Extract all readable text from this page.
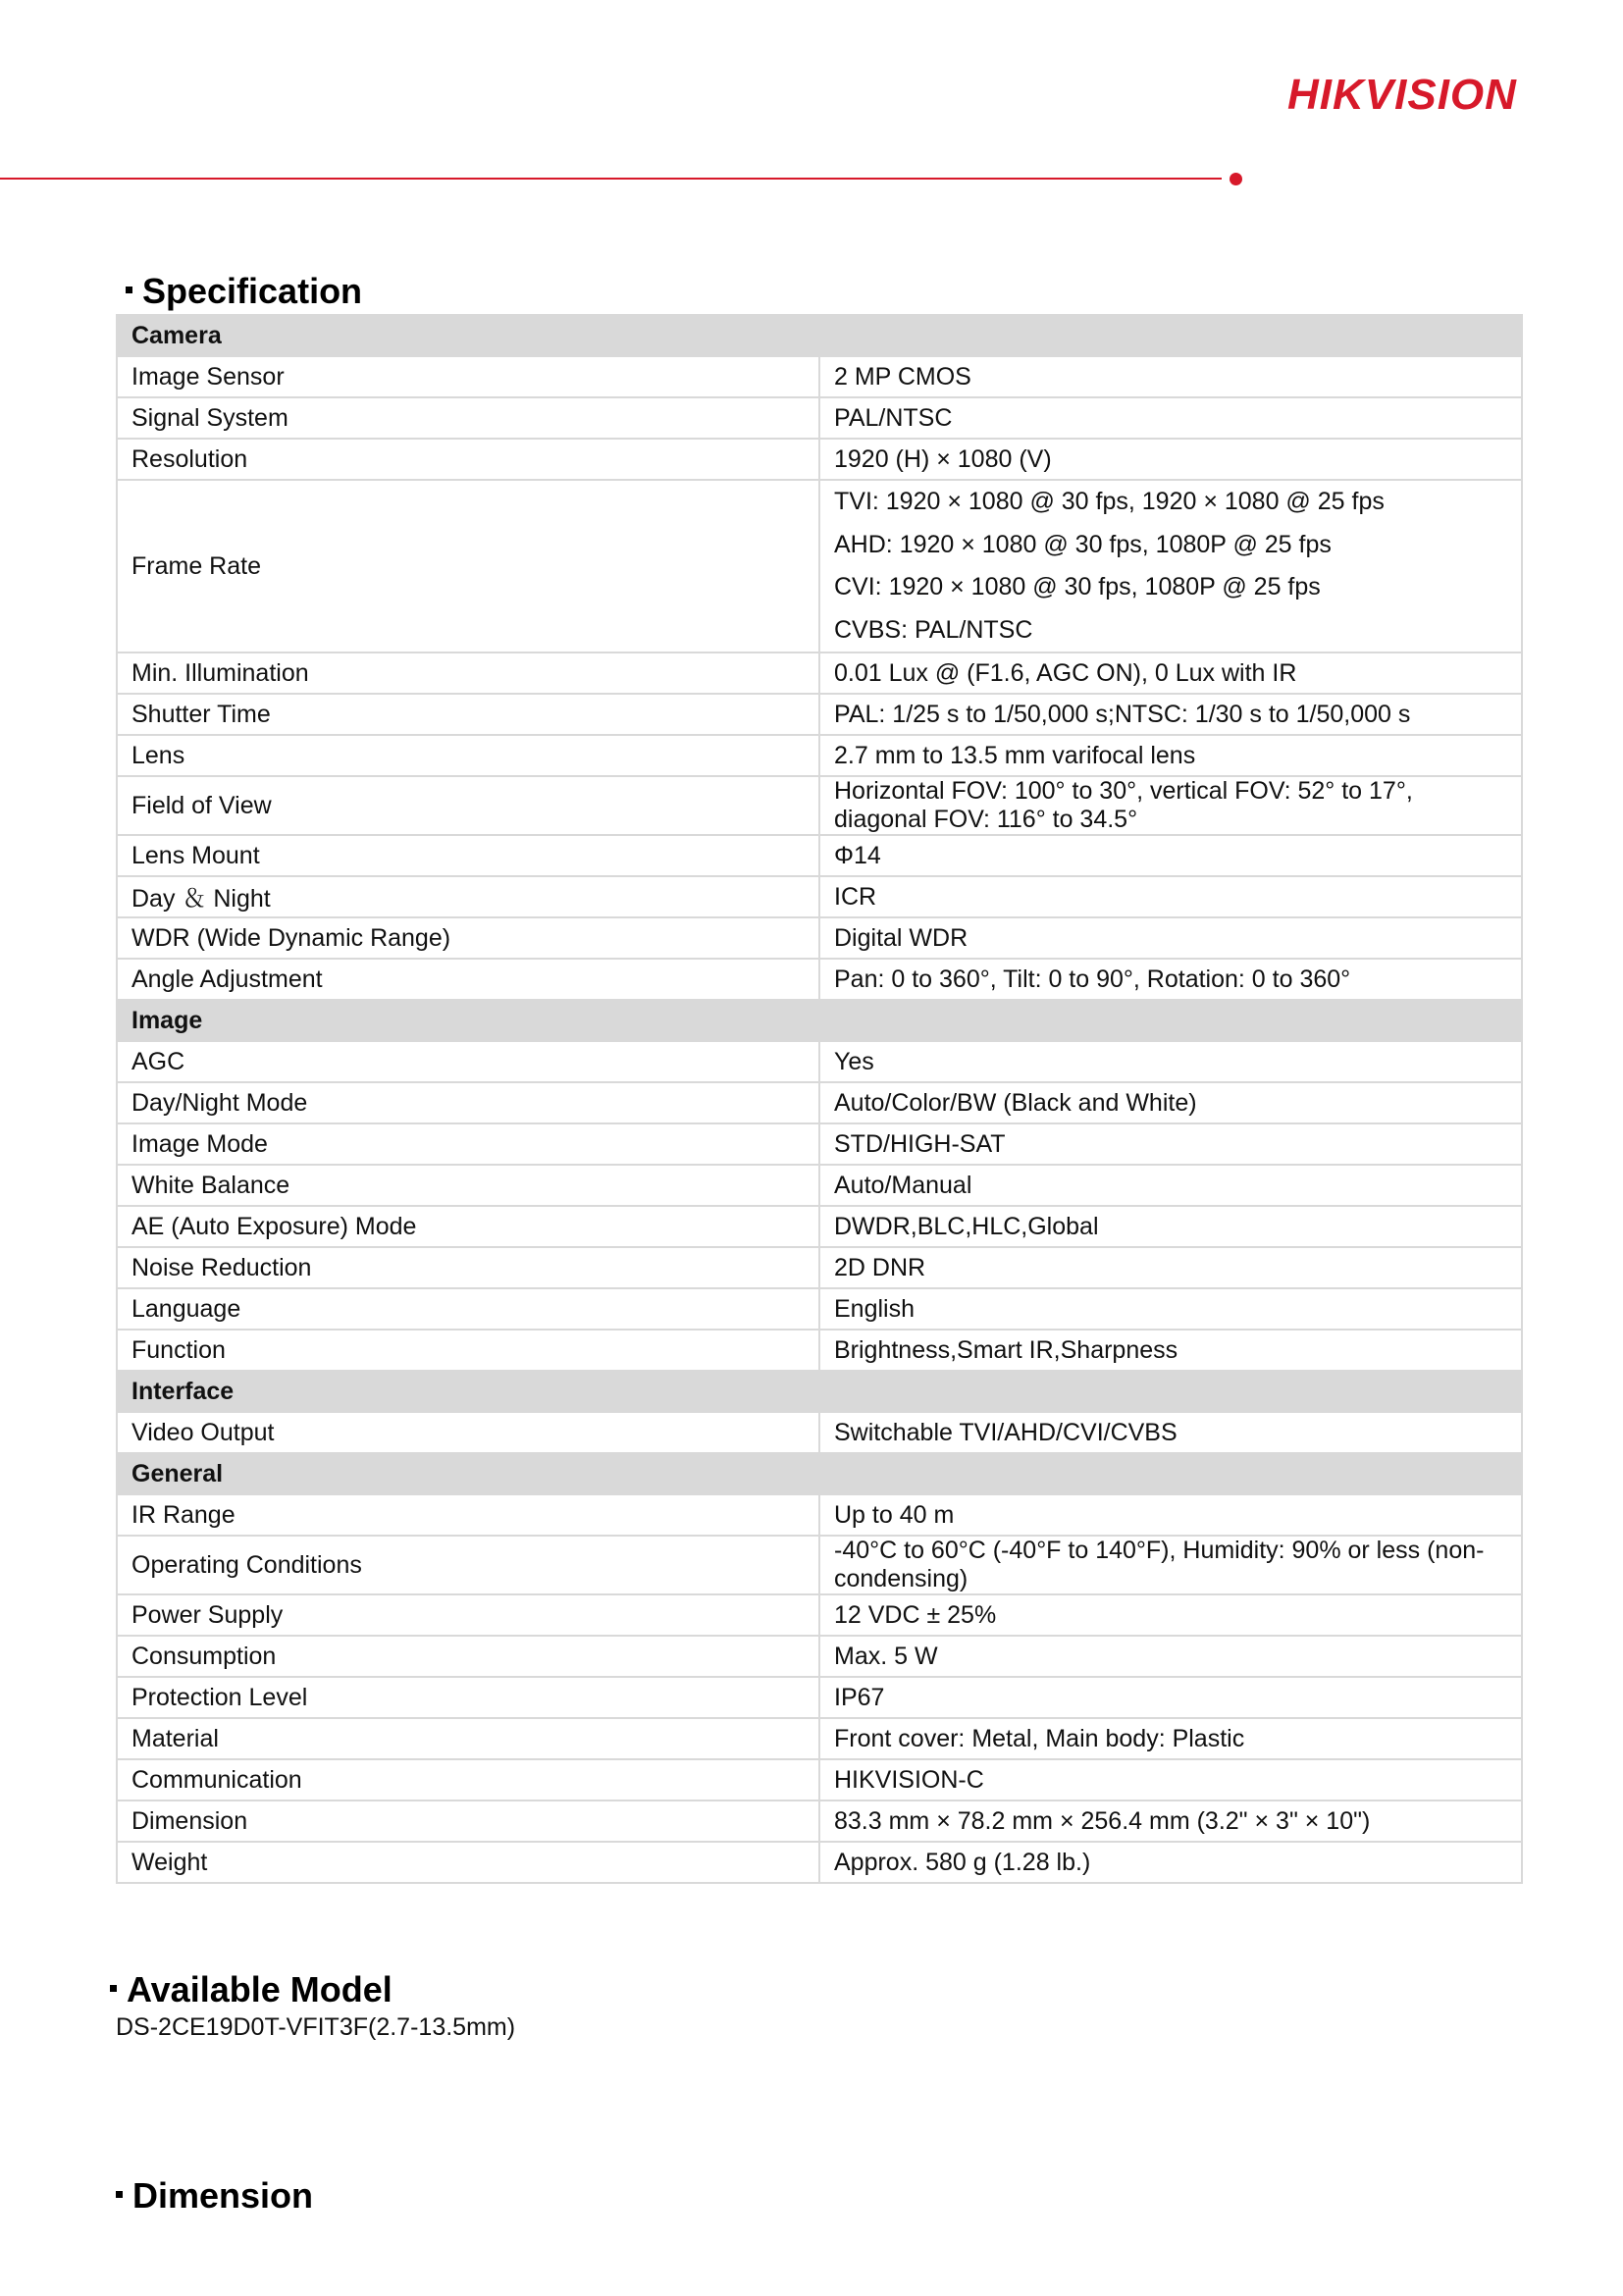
HIKVISION
Specification
Camera	
Image Sensor	2 MP CMOS
Signal System	PAL/NTSC
Resolution	1920 (H) × 1080 (V)
Frame Rate	TVI: 1920 × 1080 @ 30 fps, 1920 × 1080 @ 25 fps
AHD: 1920 × 1080 @ 30 fps, 1080P @ 25 fps
CVI: 1920 × 1080 @ 30 fps, 1080P @ 25 fps
CVBS: PAL/NTSC

Min. Illumination	0.01 Lux @ (F1.6, AGC ON), 0 Lux with IR
Shutter Time	PAL: 1/25 s to 1/50,000 s;NTSC: 1/30 s to 1/50,000 s
Lens	2.7 mm to 13.5 mm varifocal lens
Field of View	Horizontal FOV: 100° to 30°, vertical FOV: 52° to 17°, diagonal FOV: 116° to 34.5°
Lens Mount	Φ14
Day ＆ Night	ICR
WDR (Wide Dynamic Range)	Digital WDR
Angle Adjustment	Pan: 0 to 360°, Tilt: 0 to 90°, Rotation: 0 to 360°
Image	
AGC	Yes
Day/Night Mode	Auto/Color/BW (Black and White)
Image Mode	STD/HIGH-SAT
White Balance	Auto/Manual
AE (Auto Exposure) Mode	DWDR,BLC,HLC,Global
Noise Reduction	2D DNR
Language	English
Function	Brightness,Smart IR,Sharpness
Interface	
Video Output	Switchable TVI/AHD/CVI/CVBS
General	
IR Range	Up to 40 m
Operating Conditions	-40°C to 60°C (-40°F to 140°F), Humidity: 90% or less (non-condensing)
Power Supply	12 VDC ± 25%
Consumption	Max. 5 W
Protection Level	IP67
Material	Front cover: Metal, Main body: Plastic
Communication	HIKVISION-C
Dimension	83.3 mm × 78.2 mm × 256.4 mm (3.2" × 3" × 10")
Weight	Approx. 580 g (1.28 lb.)
Available Model
DS-2CE19D0T-VFIT3F(2.7-13.5mm)
Dimension
